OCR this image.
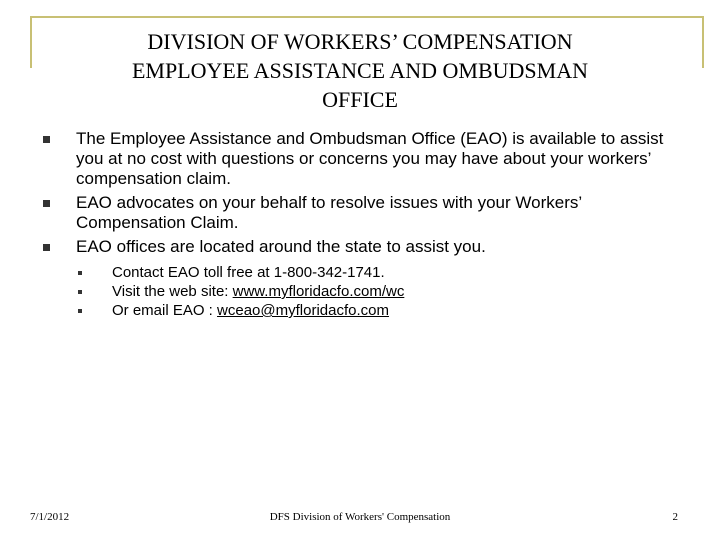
DIVISION OF WORKERS’ COMPENSATION
EMPLOYEE ASSISTANCE AND OMBUDSMAN
OFFICE
The Employee Assistance and Ombudsman Office (EAO) is available to assist you at no cost with questions or concerns you may have about your workers’ compensation claim.
EAO advocates on your behalf to resolve issues with your Workers’ Compensation Claim.
EAO offices are located around the state to assist you.
Contact EAO toll free at 1-800-342-1741.
Visit the web site: www.myfloridacfo.com/wc
Or email EAO : wceao@myfloridacfo.com
7/1/2012	DFS Division of Workers' Compensation	2
